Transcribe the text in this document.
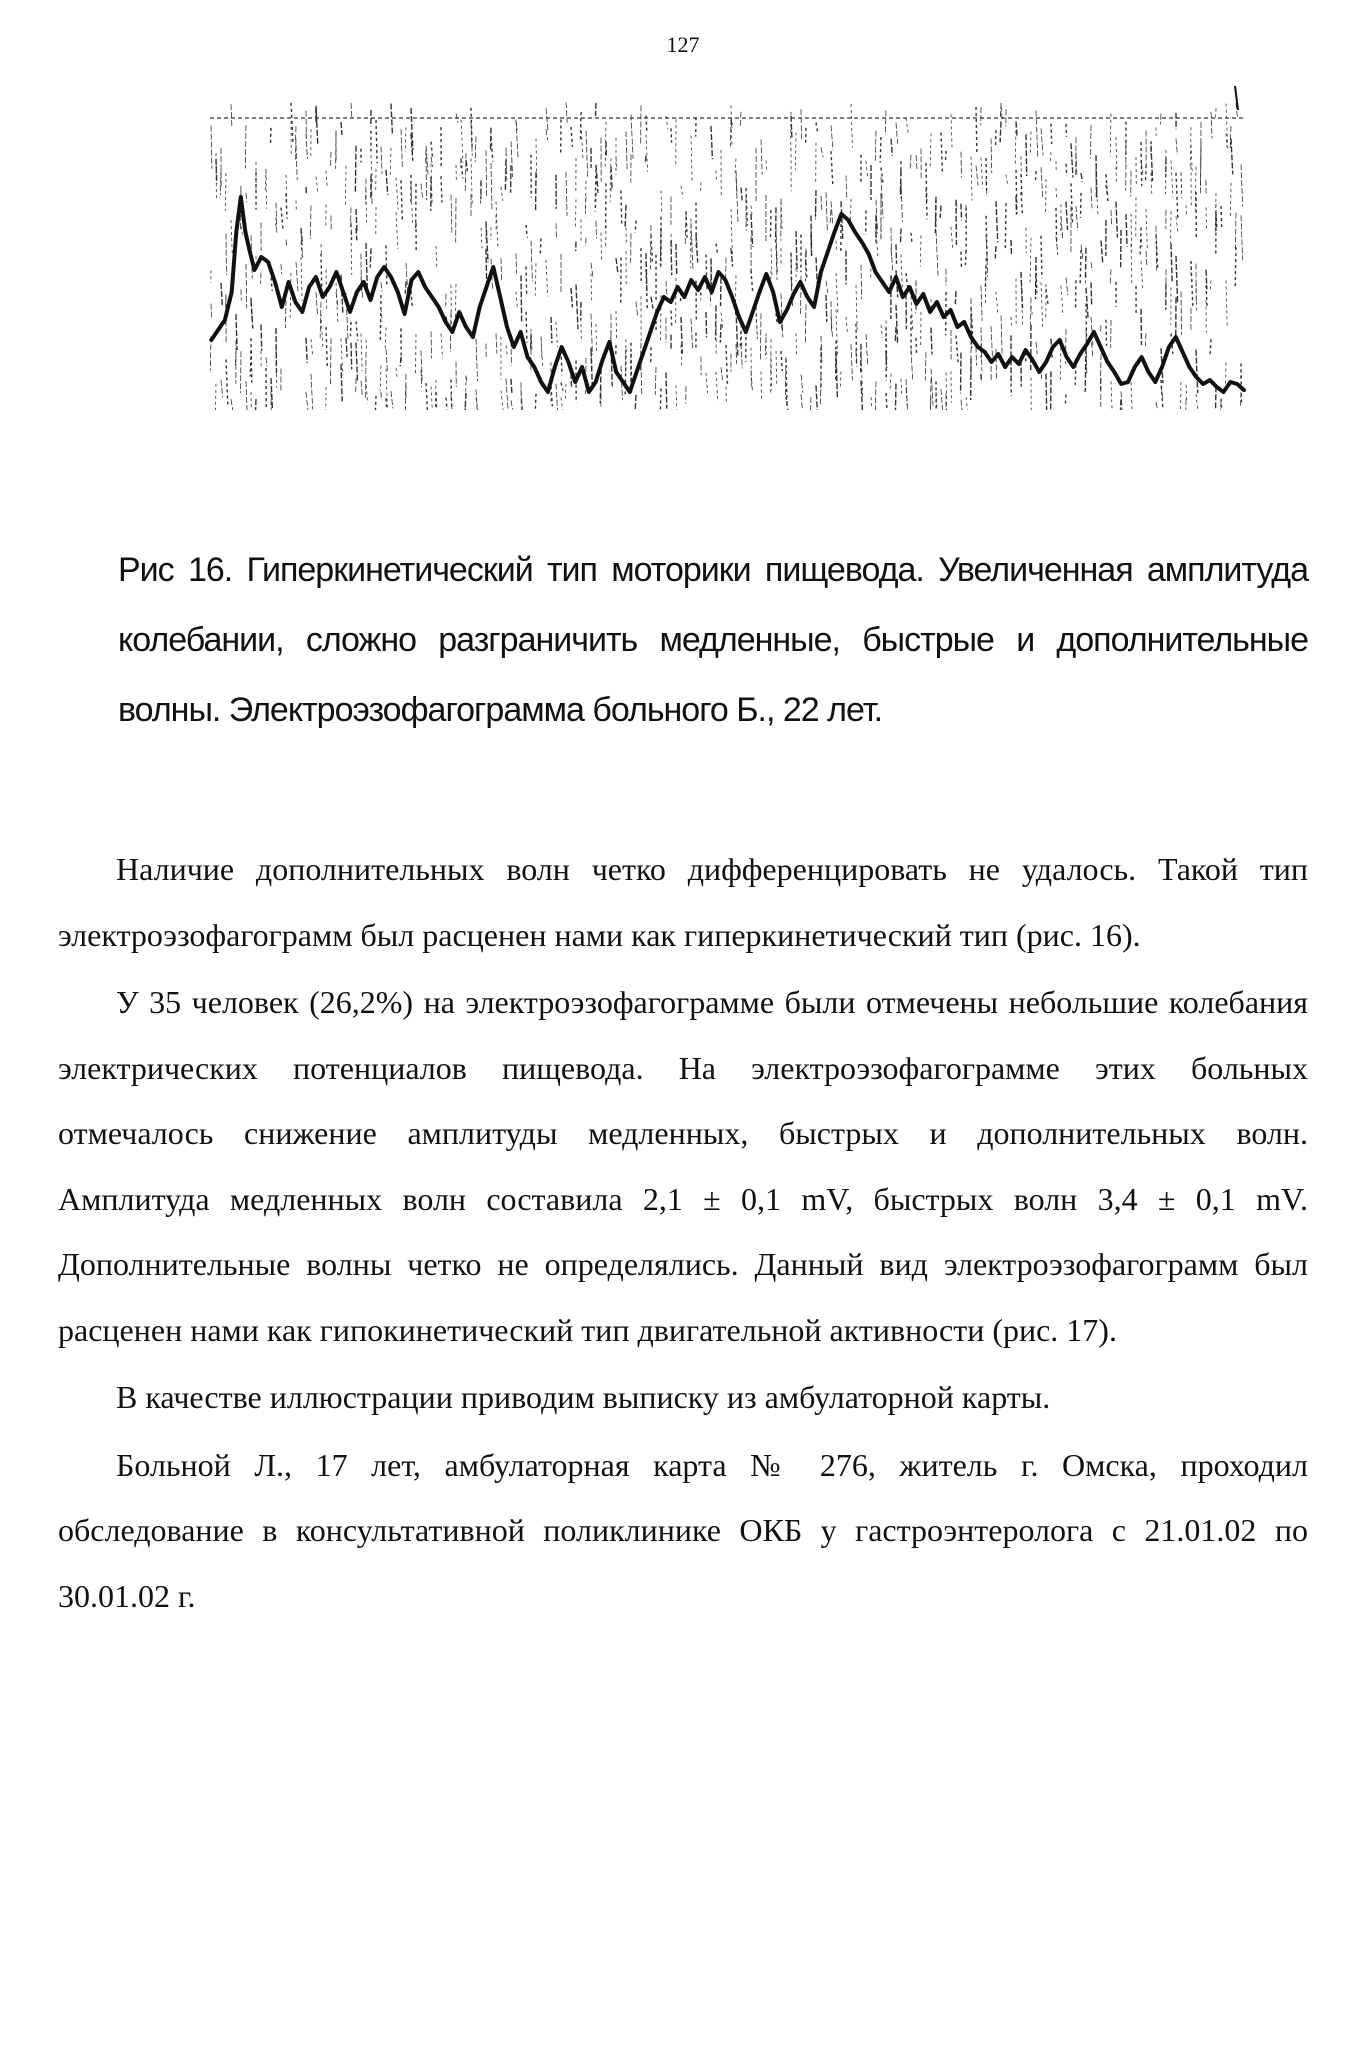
127

Рис 16. Гиперкинетический тип моторики пищевода. Увеличенная амплитуда колебании, сложно разграничить медленные, быстрые и дополнительныe волны. Электроэзофагограмма больного Б., 22 лет.

Наличие дополнительных волн четко дифференцировать не удалось. Такой тип электроэзофагограмм был расценен нами как гиперкинетический тип (рис. 16).

У 35 человек (26,2%) на электроэзофагограмме были отмечены небольшие колебания электрических потенциалов пищевода. На электроэзофагограмме этих больных отмечалось снижение амплитуды медленных, быстрых и дополнительных волн. Амплитуда медленных волн составила 2,1 ± 0,1 mV, быстрых волн 3,4 ± 0,1 mV. Дополнительные волны четко не определялись. Данный вид электроэзофагограмм был расценен нами как гипокинетический тип двигательной активности (рис. 17).

В качестве иллюстрации приводим выписку из амбулаторной карты.

Больной Л., 17 лет, амбулаторная карта № 276, житель г. Омска, проходил обследование в консультативной поликлинике ОКБ у гастроэнтеролога с 21.01.02 по 30.01.02 г.
